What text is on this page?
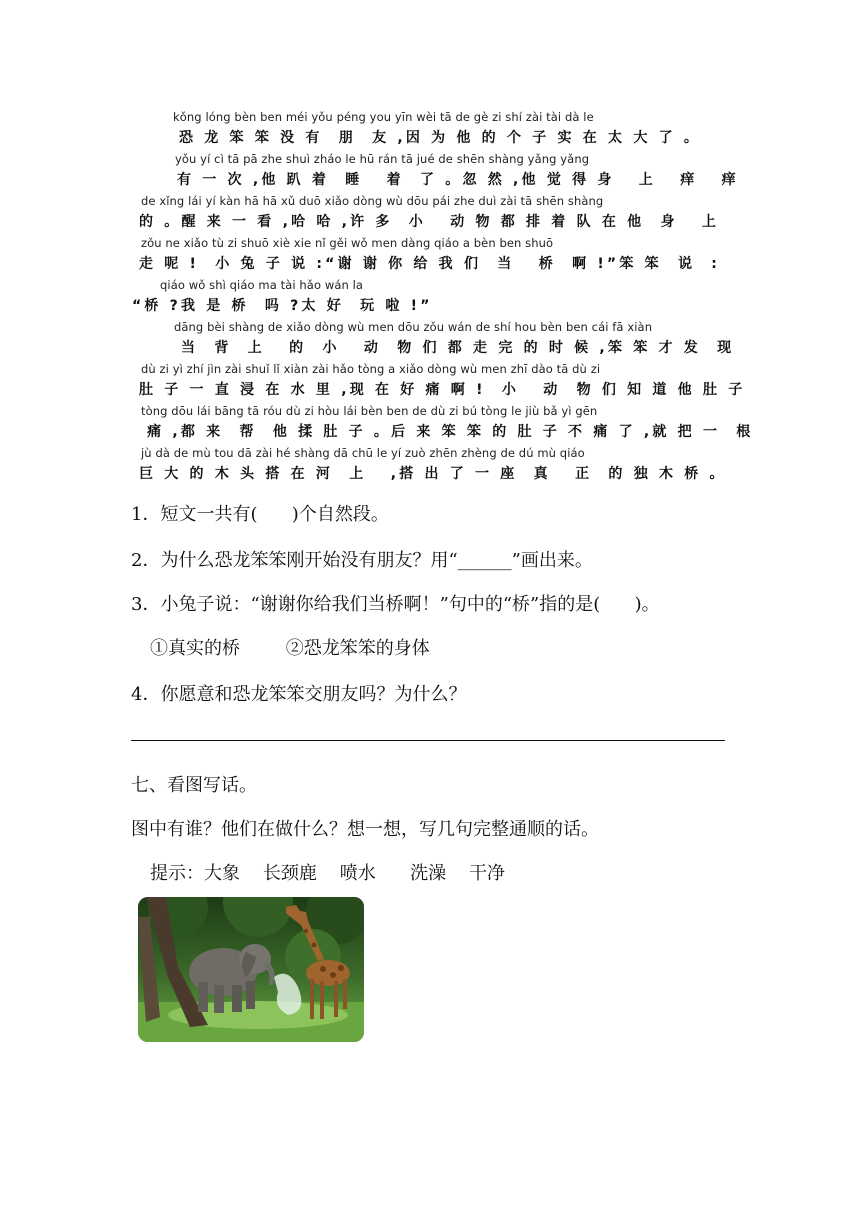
kǒng lóng bèn ben méi yǒu péng you yīn wèi tā de gè zi shí zài tài dà le
恐 龙 笨 笨 没 有  朋  友 ,因 为 他 的 个 子 实 在 太 大 了 。
yǒu yí cì tā pā zhe shuì zháo le hū rán tā jué de shēn shàng yǎng yǎng
有 一 次 ,他 趴 着  睡   着  了 。忽 然 ,他 觉 得 身   上   痒   痒
de xǐng lái yí kàn hā hā xǔ duō xiǎo dòng wù dōu pái zhe duì zài tā shēn shàng
的 。醒 来 一 看 ,哈 哈 ,许 多  小   动 物 都 排 着 队 在 他  身   上
zǒu ne xiǎo tù zi shuō xiè xie nǐ gěi wǒ men dàng qiáo a bèn ben shuō
走 呢 !  小 兔 子 说 :“谢 谢 你 给 我 们  当   桥  啊 !”笨 笨  说  :
qiáo wǒ shì qiáo ma tài hǎo wán la
“桥 ?我 是 桥  吗 ?太 好  玩 啦 !”
dāng bèi shàng de xiǎo dòng wù men dōu zǒu wán de shí hou bèn ben cái fā xiàn
当  背  上   的  小   动  物 们 都 走 完 的 时 候 ,笨 笨 才 发  现
dù zi yì zhí jìn zài shuǐ lǐ xiàn zài hǎo tòng a xiǎo dòng wù men zhī dào tā dù zi
肚 子 一 直 浸 在 水 里 ,现 在 好 痛 啊 !  小   动  物 们 知 道 他 肚 子
tòng dōu lái bāng tā róu dù zi hòu lái bèn ben de dù zi bú tòng le jiù bǎ yì gēn
痛 ,都 来  帮  他 揉 肚 子 。后 来 笨 笨 的 肚 子 不 痛 了 ,就 把 一  根
jù dà de mù tou dā zài hé shàng dā chū le yí zuò zhēn zhèng de dú mù qiáo
巨 大 的 木 头 搭 在 河  上   ,搭 出 了 一 座  真   正  的 独 木 桥 。
1．短文一共有(      )个自然段。
2．为什么恐龙笨笨刚开始没有朋友？用“______”画出来。
3．小兔子说：“谢谢你给我们当桥啊！”句中的“桥”指的是(      )。
①真实的桥        ②恐龙笨笨的身体
4．你愿意和恐龙笨笨交朋友吗？为什么？
七、看图写话。
图中有谁？他们在做什么？想一想，写几句完整通顺的话。
提示：大象    长颈鹿    喷水      洗澡    干净
